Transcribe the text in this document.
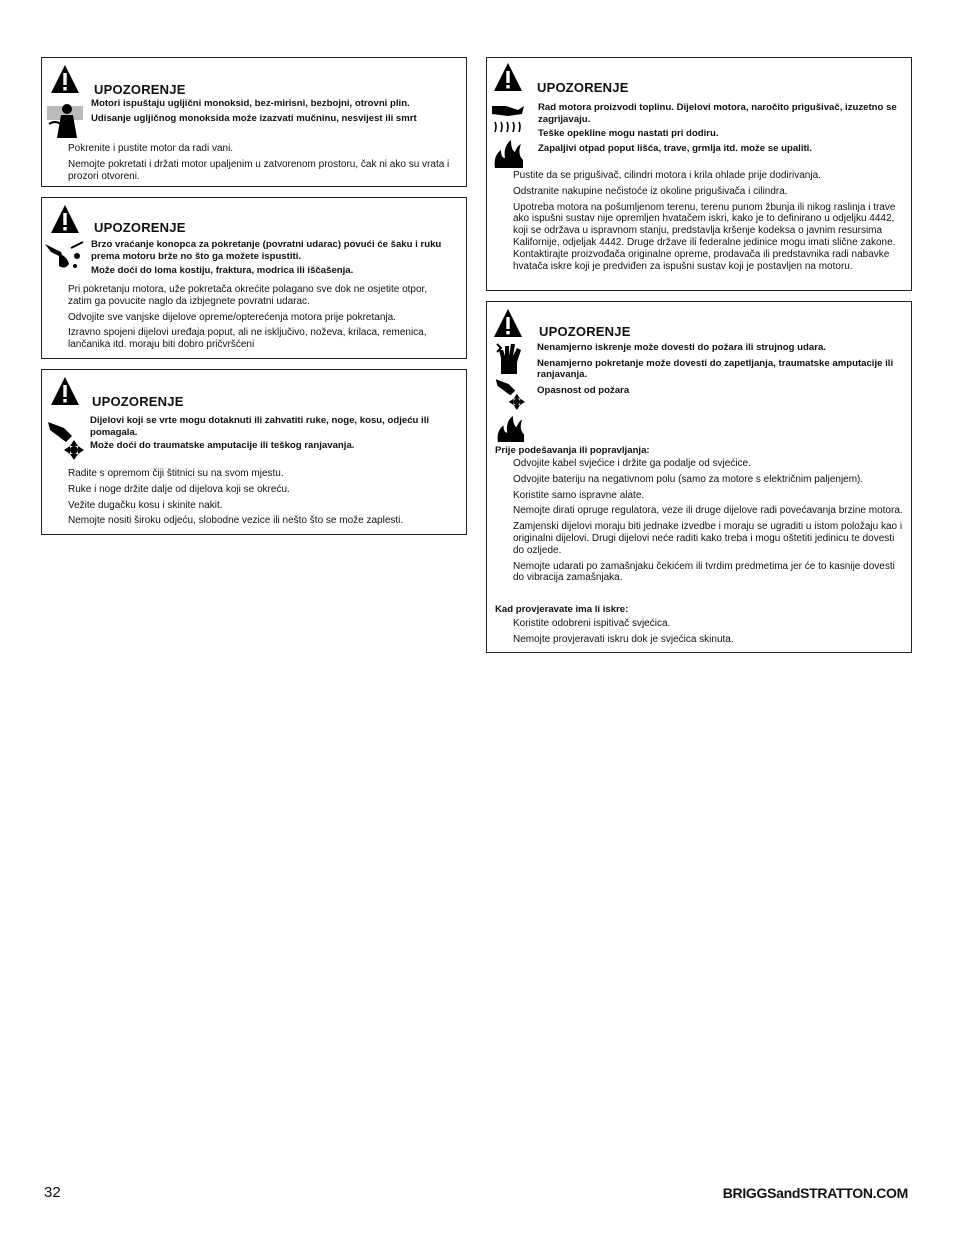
UPOZORENJE
Motori ispuštaju ugljični monoksid, bez-mirisni, bezbojni, otrovni plin.
Udisanje ugljičnog monoksida može izazvati mučninu, nesvijest ili smrt
Pokrenite i pustite motor da radi vani.
Nemojte pokretati i držati motor upaljenim u zatvorenom prostoru, čak ni ako su vrata i prozori otvoreni.
UPOZORENJE
Brzo vraćanje konopca za pokretanje (povratni udarac) povući će šaku i ruku prema motoru brže no što ga možete ispustiti.
Može doći do loma kostiju, fraktura, modrica ili iščašenja.
Pri pokretanju motora, uže pokretača okrećite polagano sve dok ne osjetite otpor, zatim ga povucite naglo da izbjegnete povratni udarac.
Odvojite sve vanjske dijelove opreme/opterećenja motora prije pokretanja.
Izravno spojeni dijelovi uređaja poput, ali ne isključivo, noževa, krilaca, remenica, lančanika itd. moraju biti dobro pričvršćeni
UPOZORENJE
Dijelovi koji se vrte mogu dotaknuti ili zahvatiti ruke, noge, kosu, odjeću ili pomagala.
Može doći do traumatske amputacije ili teškog ranjavanja.
Radite s opremom čiji štitnici su na svom mjestu.
Ruke i noge držite dalje od dijelova koji se okreću.
Vežite dugačku kosu i skinite nakit.
Nemojte nositi široku odjeću, slobodne vezice ili nešto što se može zaplesti.
UPOZORENJE
Rad motora proizvodi toplinu. Dijelovi motora, naročito prigušivač, izuzetno se zagrijavaju.
Teške opekline mogu nastati pri dodiru.
Zapaljivi otpad poput lišća, trave, grmlja itd. može se upaliti.
Pustite da se prigušivač, cilindri motora i krila ohlade prije dodirivanja.
Odstranite nakupine nečistoće iz okoline prigušivača i cilindra.
Upotreba motora na pošumljenom terenu, terenu punom žbunja ili nikog raslinja i trave ako ispušni sustav nije opremljen hvatačem iskri, kako je to definirano u odjeljku 4442, koji se održava u ispravnom stanju, predstavlja kršenje kodeksa o javnim resursima Kalifornije, odjeljak 4442. Druge države ili federalne jedinice mogu imati slične zakone. Kontaktirajte proizvođača originalne opreme, prodavača ili predstavnika radi nabavke hvatača iskre koji je predviđen za ispušni sustav koji je postavljen na motoru.
UPOZORENJE
Nenamjerno iskrenje može dovesti do požara ili strujnog udara.
Nenamjerno pokretanje može dovesti do zapetljanja, traumatske amputacije ili ranjavanja.
Opasnost od požara
Prije podešavanja ili popravljanja:
Odvojite kabel svjećice i držite ga podalje od svjećice.
Odvojite bateriju na negativnom polu (samo za motore s električnim paljenjem).
Koristite samo ispravne alate.
Nemojte dirati opruge regulatora, veze ili druge dijelove radi povećavanja brzine motora.
Zamjenski dijelovi moraju biti jednake izvedbe i moraju se ugraditi u istom položaju kao i originalni dijelovi. Drugi dijelovi neće raditi kako treba i mogu oštetiti jedinicu te dovesti do ozljede.
Nemojte udarati po zamašnjaku čekićem ili tvrdim predmetima jer će to kasnije dovesti do vibracija zamašnjaka.
Kad provjeravate ima li iskre:
Koristite odobreni ispitivač svjećica.
Nemojte provjeravati iskru dok je svjećica skinuta.
32	BRIGGSandSTRATTON.COM
